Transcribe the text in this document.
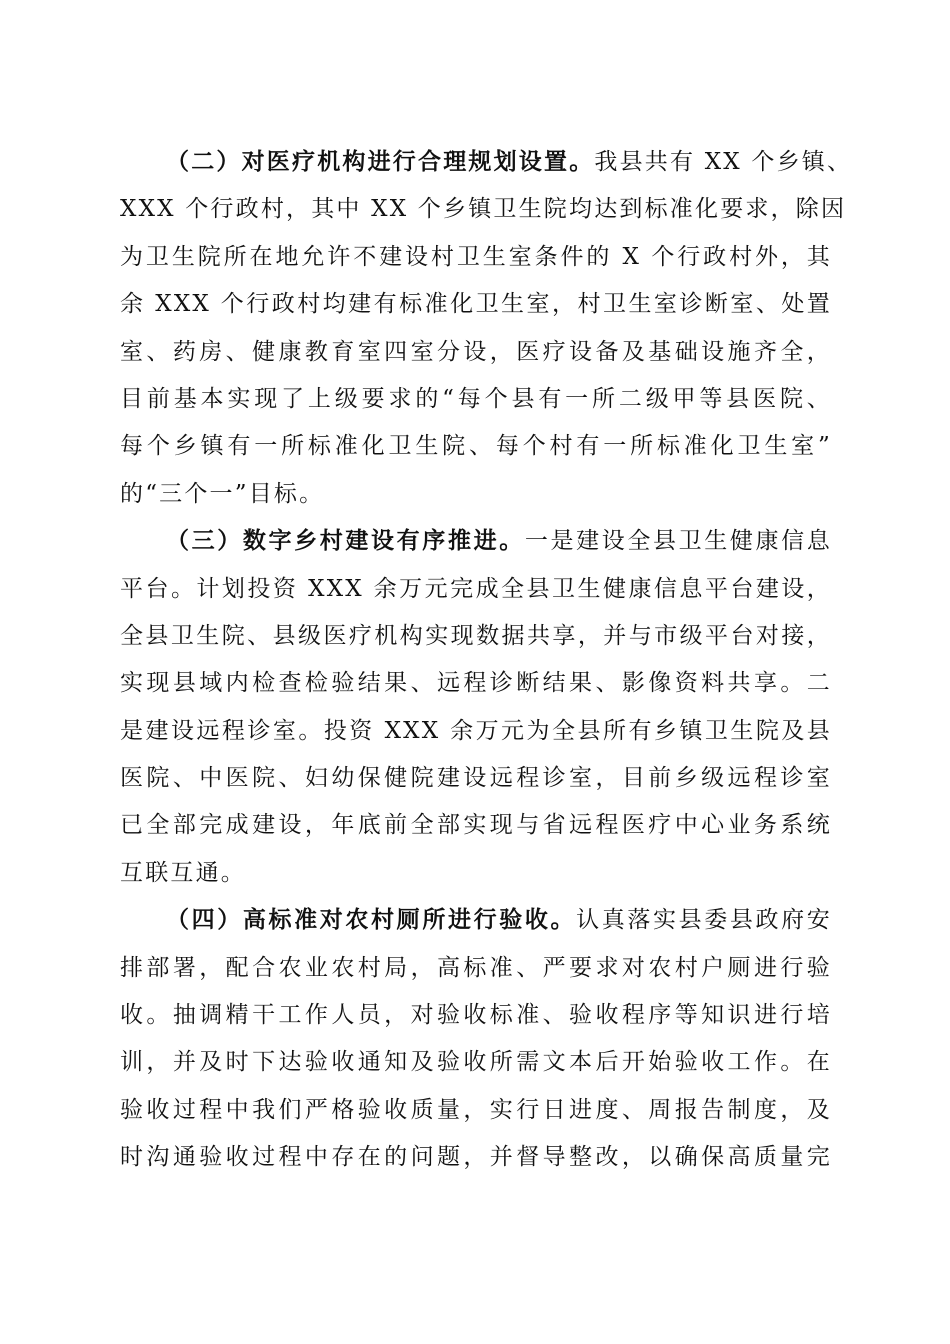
（二）对医疗机构进行合理规划设置。我县共有 XX 个乡镇、
XXX 个行政村，其中 XX 个乡镇卫生院均达到标准化要求，除因
为卫生院所在地允许不建设村卫生室条件的 X 个行政村外，其
余 XXX 个行政村均建有标准化卫生室，村卫生室诊断室、处置
室、药房、健康教育室四室分设，医疗设备及基础设施齐全，
目前基本实现了上级要求的“每个县有一所二级甲等县医院、
每个乡镇有一所标准化卫生院、每个村有一所标准化卫生室”
的“三个一”目标。
（三）数字乡村建设有序推进。一是建设全县卫生健康信息
平台。计划投资 XXX 余万元完成全县卫生健康信息平台建设，
全县卫生院、县级医疗机构实现数据共享，并与市级平台对接，
实现县域内检查检验结果、远程诊断结果、影像资料共享。二
是建设远程诊室。投资 XXX 余万元为全县所有乡镇卫生院及县
医院、中医院、妇幼保健院建设远程诊室，目前乡级远程诊室
已全部完成建设，年底前全部实现与省远程医疗中心业务系统
互联互通。
（四）高标准对农村厕所进行验收。认真落实县委县政府安
排部署，配合农业农村局，高标准、严要求对农村户厕进行验
收。抽调精干工作人员，对验收标准、验收程序等知识进行培
训，并及时下达验收通知及验收所需文本后开始验收工作。在
验收过程中我们严格验收质量，实行日进度、周报告制度，及
时沟通验收过程中存在的问题，并督导整改，以确保高质量完
